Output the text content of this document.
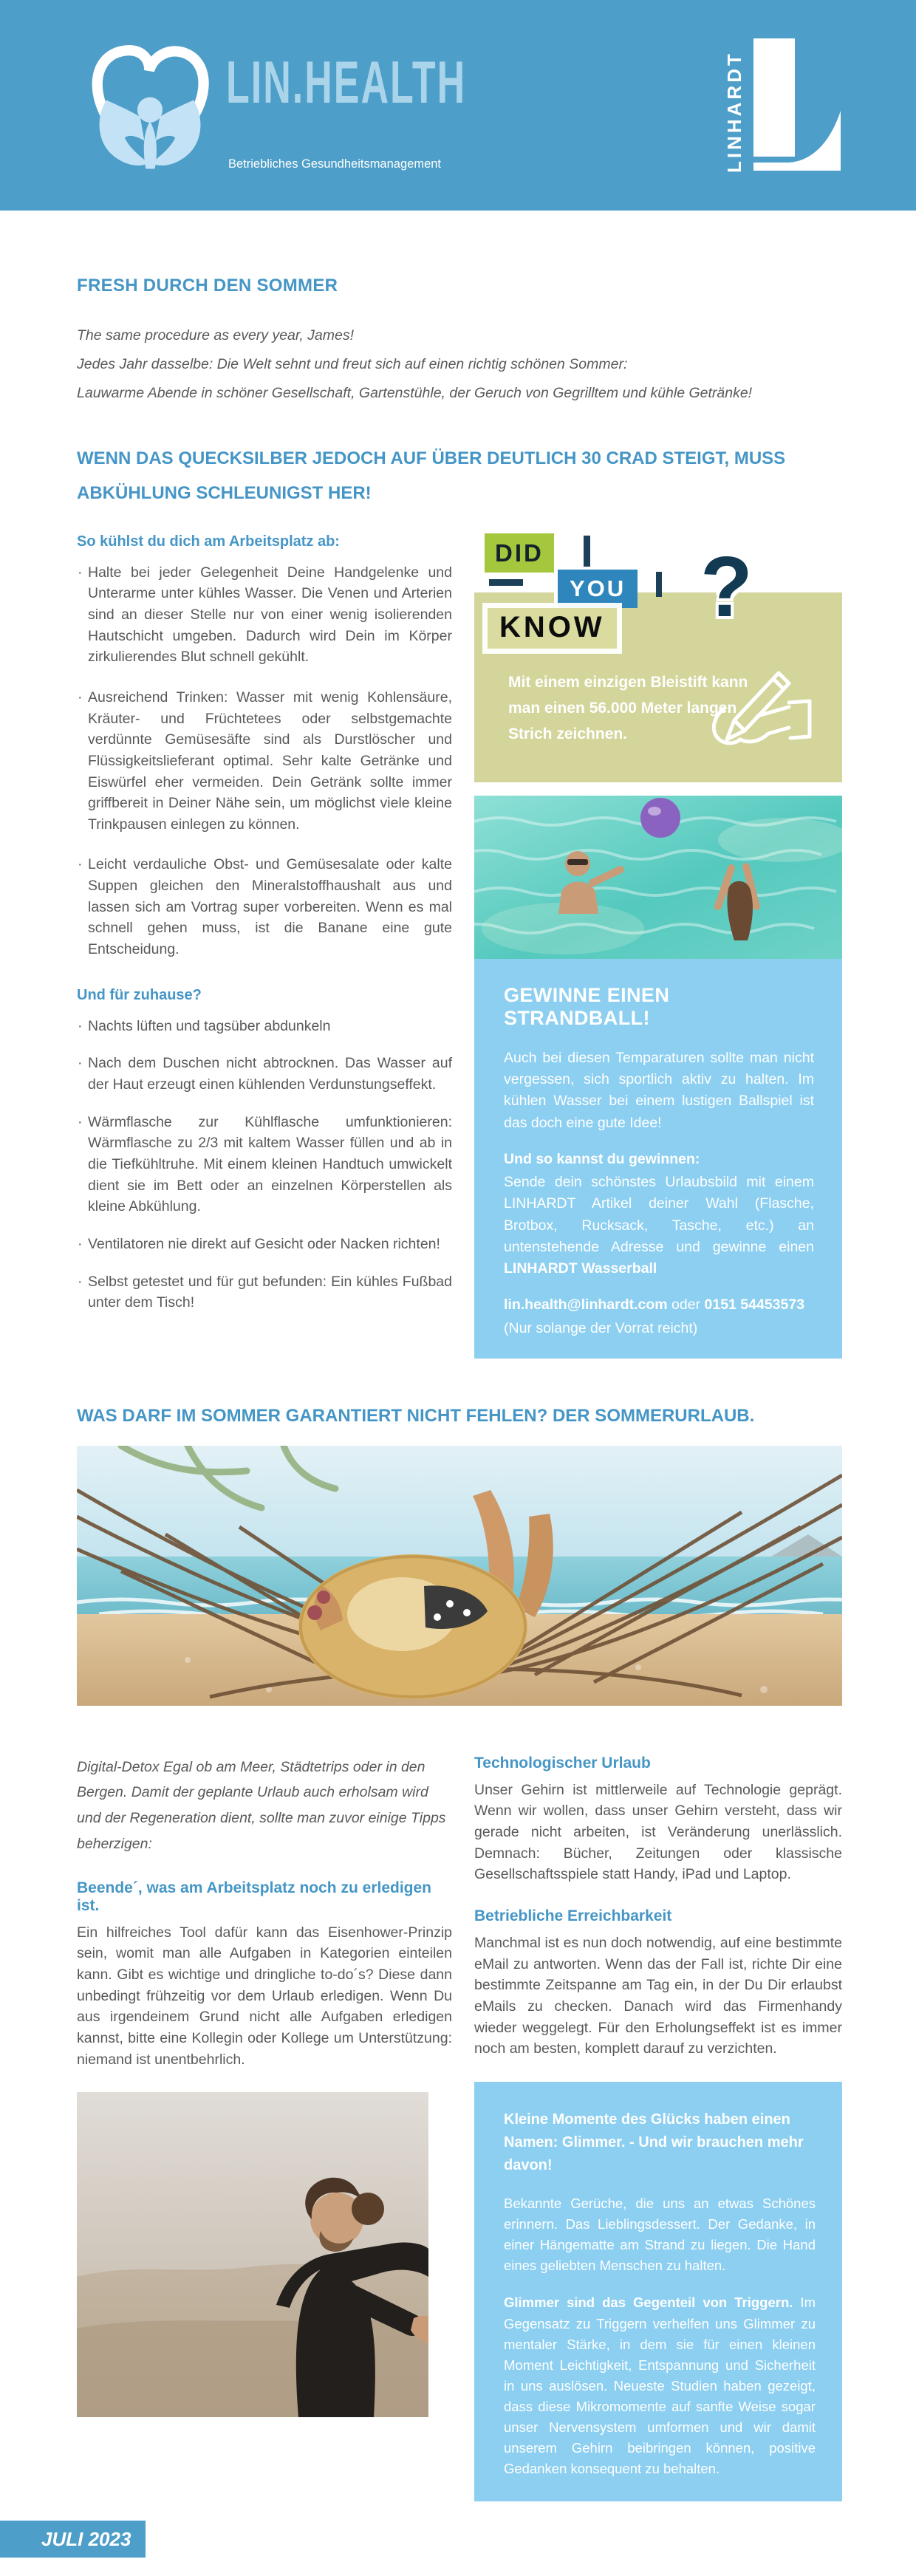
LIN.HEALTH

Betriebliches Gesundheitsmanagement	LINHARDT
FRESH DURCH DEN SOMMER

The same procedure as every year, James!

Jedes Jahr dasselbe: Die Welt sehnt und freut sich auf einen richtig schönen Sommer:

Lauwarme Abende in schöner Gesellschaft, Gartenstühle, der Geruch von Gegrilltem und kühle Getränke!

WENN DAS QUECKSILBER JEDOCH AUF ÜBER DEUTLICH 30 CRAD STEIGT, MUSS ABKÜHLUNG SCHLEUNIGST HER!
So kühlst du dich am Arbeitsplatz ab:

· Halte bei jeder Gelegenheit Deine Handgelenke und Unterarme unter kühles Wasser. Die Venen und Arterien sind an dieser Stelle nur von einer wenig isolierenden Hautschicht umgeben. Dadurch wird Dein im Körper zirkulierendes Blut schnell gekühlt.

· Ausreichend Trinken: Wasser mit wenig Kohlensäure, Kräuter- und Früchtetees oder selbstgemachte verdünnte Gemüsesäfte sind als Durstlöscher und Flüssigkeitslieferant optimal. Sehr kalte Getränke und Eiswürfel eher vermeiden. Dein Getränk sollte immer griffbereit in Deiner Nähe sein, um möglichst viele kleine Trinkpausen einlegen zu können.

· Leicht verdauliche Obst- und Gemüsesalate oder kalte Suppen gleichen den Mineralstoffhaushalt aus und lassen sich am Vortrag super vorbereiten. Wenn es mal schnell gehen muss, ist die Banane eine gute Entscheidung.

Und für zuhause?

· Nachts lüften und tagsüber abdunkeln

· Nach dem Duschen nicht abtrocknen. Das Wasser auf der Haut erzeugt einen kühlenden Verdunstungseffekt.

· Wärmflasche zur Kühlflasche umfunktionieren: Wärmflasche zu 2/3 mit kaltem Wasser füllen und ab in die Tiefkühltruhe. Mit einem kleinen Handtuch umwickelt dient sie im Bett oder an einzelnen Körperstellen als kleine Abkühlung.

· Ventilatoren nie direkt auf Gesicht oder Nacken richten!

· Selbst getestet und für gut befunden: Ein kühles Fußbad unter dem Tisch!

DID
YOU
KNOW ?

Mit einem einzigen Bleistift kann man einen 56.000 Meter langen Strich zeichnen.

GEWINNE EINEN STRANDBALL!

Auch bei diesen Temparaturen sollte man nicht vergessen, sich sportlich aktiv zu halten. Im kühlen Wasser bei einem lustigen Ballspiel ist das doch eine gute Idee!

Und so kannst du gewinnen:

Sende dein schönstes Urlaubsbild mit einem LINHARDT Artikel deiner Wahl (Flasche, Brotbox, Rucksack, Tasche, etc.) an untenstehende Adresse und gewinne einen LINHARDT Wasserball

lin.health@linhardt.com oder 0151 54453573

(Nur solange der Vorrat reicht)

WAS DARF IM SOMMER GARANTIERT NICHT FEHLEN? DER SOMMERURLAUB.

Digital-Detox Egal ob am Meer, Städtetrips oder in den Bergen. Damit der geplante Urlaub auch erholsam wird und der Regeneration dient, sollte man zuvor einige Tipps beherzigen:

Beende´, was am Arbeitsplatz noch zu erledigen ist.

Ein hilfreiches Tool dafür kann das Eisenhower-Prinzip sein, womit man alle Aufgaben in Kategorien einteilen kann. Gibt es wichtige und dringliche to-do´s? Diese dann unbedingt frühzeitig vor dem Urlaub erledigen. Wenn Du aus irgendeinem Grund nicht alle Aufgaben erledigen kannst, bitte eine Kollegin oder Kollege um Unterstützung: niemand ist unentbehrlich.

Technologischer Urlaub

Unser Gehirn ist mittlerweile auf Technologie geprägt. Wenn wir wollen, dass unser Gehirn versteht, dass wir gerade nicht arbeiten, ist Veränderung unerlässlich. Demnach: Bücher, Zeitungen oder klassische Gesellschaftsspiele statt Handy, iPad und Laptop.

Betriebliche Erreichbarkeit

Manchmal ist es nun doch notwendig, auf eine bestimmte eMail zu antworten. Wenn das der Fall ist, richte Dir eine bestimmte Zeitspanne am Tag ein, in der Du Dir erlaubst eMails zu checken. Danach wird das Firmenhandy wieder weggelegt. Für den Erholungseffekt ist es immer noch am besten, komplett darauf zu verzichten.

Kleine Momente des Glücks haben einen Namen: Glimmer. - Und wir brauchen mehr davon!

Bekannte Gerüche, die uns an etwas Schönes erinnern. Das Lieblingsdessert. Der Gedanke, in einer Hängematte am Strand zu liegen. Die Hand eines geliebten Menschen zu halten.

Glimmer sind das Gegenteil von Triggern. Im Gegensatz zu Triggern verhelfen uns Glimmer zu mentaler Stärke, in dem sie für einen kleinen Moment Leichtigkeit, Entspannung und Sicherheit in uns auslösen. Neueste Studien haben gezeigt, dass diese Mikromomente auf sanfte Weise sogar unser Nervensystem umformen und wir damit unserem Gehirn beibringen können, positive Gedanken konsequent zu behalten.

JULI 2023
